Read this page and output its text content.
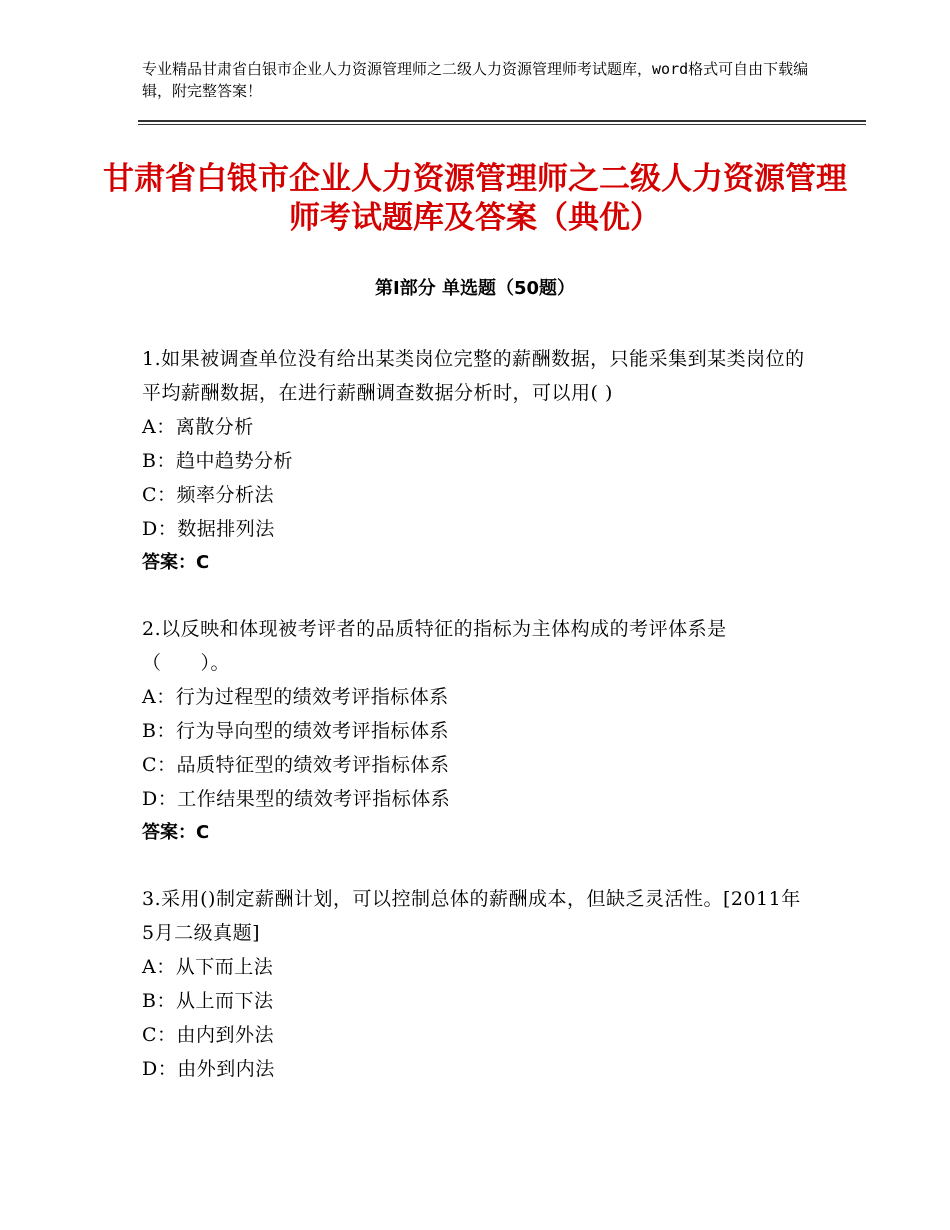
专业精品甘肃省白银市企业人力资源管理师之二级人力资源管理师考试题库，word格式可自由下载编辑，附完整答案！
甘肃省白银市企业人力资源管理师之二级人力资源管理师考试题库及答案（典优）
第Ⅰ部分 单选题（50题）
1.如果被调查单位没有给出某类岗位完整的薪酬数据，只能采集到某类岗位的平均薪酬数据，在进行薪酬调查数据分析时，可以用( )
A：离散分析
B：趋中趋势分析
C：频率分析法
D：数据排列法
答案：C
2.以反映和体现被考评者的品质特征的指标为主体构成的考评体系是（　　）。
A：行为过程型的绩效考评指标体系
B：行为导向型的绩效考评指标体系
C：品质特征型的绩效考评指标体系
D：工作结果型的绩效考评指标体系
答案：C
3.采用()制定薪酬计划，可以控制总体的薪酬成本，但缺乏灵活性。[2011年5月二级真题]
A：从下而上法
B：从上而下法
C：由内到外法
D：由外到内法
